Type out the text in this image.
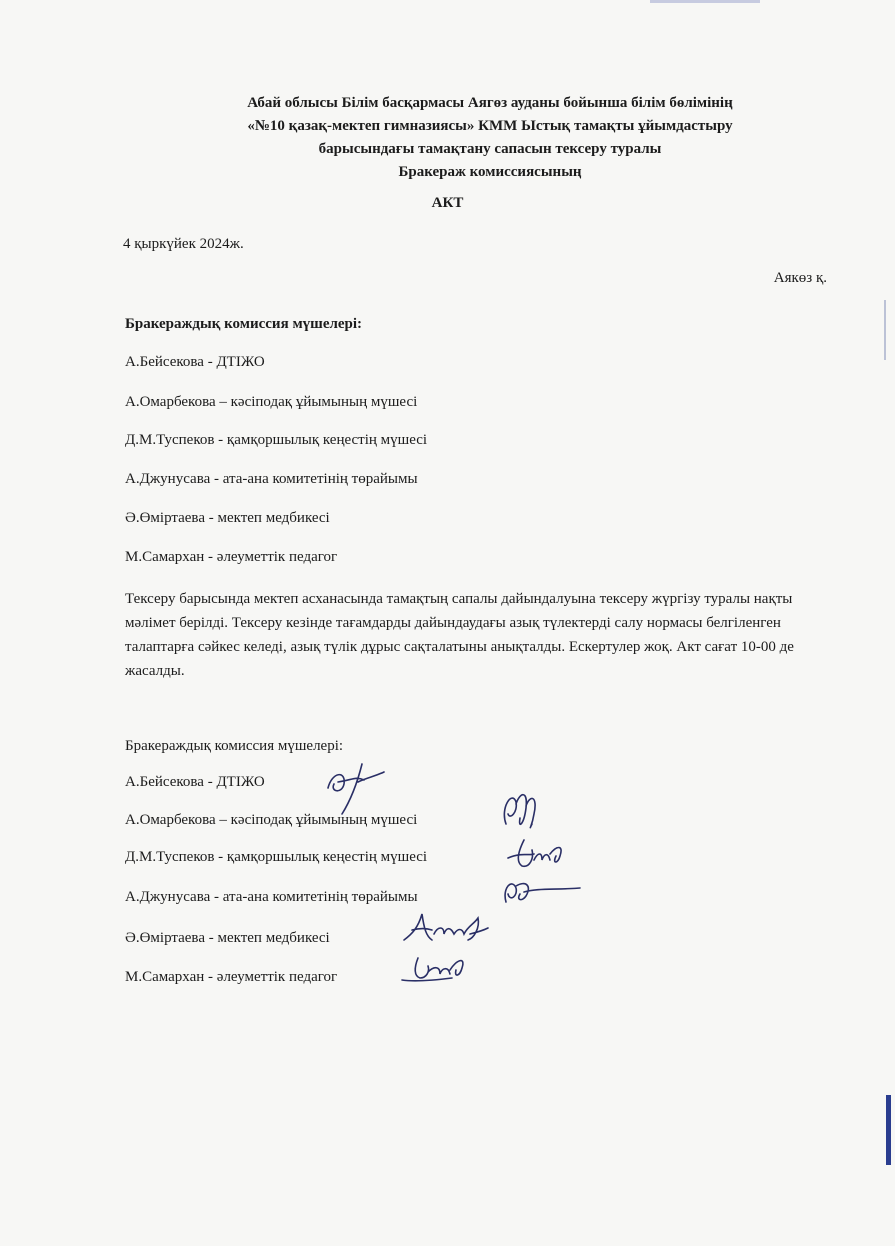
Абай облысы Білім басқармасы Аягөз ауданы бойынша білім бөлімінің
«№10 қазақ-мектеп гимназиясы» КММ Ыстық тамақты ұйымдастыру
барысындағы тамақтану сапасын тексеру туралы
Бракераж комиссиясының
АКТ
4 қыркүйек 2024ж.
Аякөз қ.
Бракераждық комиссия мүшелері:
А.Бейсекова - ДТІЖО
А.Омарбекова – кәсіподақ ұйымының мүшесі
Д.М.Туспеков - қамқоршылық кеңестің мүшесі
А.Джунусава - ата-ана комитетінің төрайымы
Ә.Өміртаева - мектеп медбикесі
М.Самархан - әлеуметтік педагог
Тексеру барысында мектеп асханасында тамақтың сапалы дайындалуына тексеру жүргізу туралы нақты мәлімет берілді. Тексеру кезінде тағамдарды дайындаудағы азық түлектерді салу нормасы белгіленген талаптарға сәйкес келеді, азық түлік дұрыс сақталатыны анықталды. Ескертулер жоқ. Акт сағат 10-00 де жасалды.
Бракераждық комиссия мүшелері:
А.Бейсекова - ДТІЖО
А.Омарбекова – кәсіподақ ұйымының мүшесі
Д.М.Туспеков - қамқоршылық кеңестің мүшесі
А.Джунусава - ата-ана комитетінің төрайымы
Ә.Өміртаева - мектеп медбикесі
М.Самархан - әлеуметтік педагог
